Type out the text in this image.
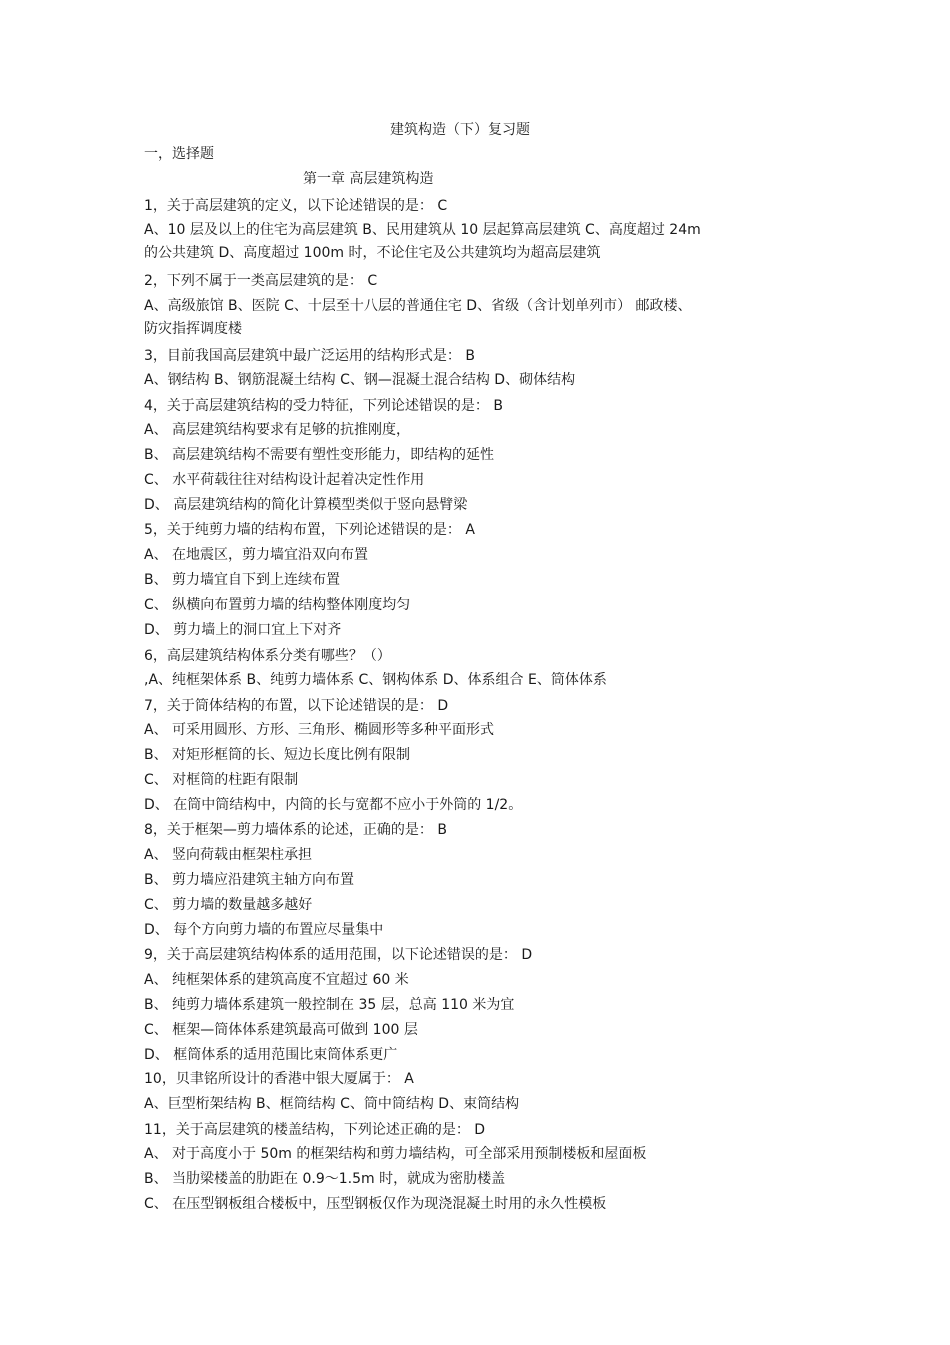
建筑构造（下）复习题
一，选择题
第一章 高层建筑构造
1，关于高层建筑的定义，以下论述错误的是： C
A、10 层及以上的住宅为高层建筑 B、民用建筑从 10 层起算高层建筑 C、高度超过 24m
的公共建筑 D、高度超过 100m 时，不论住宅及公共建筑均为超高层建筑
2，下列不属于一类高层建筑的是： C
A、高级旅馆 B、医院 C、十层至十八层的普通住宅 D、省级（含计划单列市） 邮政楼、
防灾指挥调度楼
3，目前我国高层建筑中最广泛运用的结构形式是： B
A、钢结构 B、钢筋混凝土结构 C、钢—混凝土混合结构 D、砌体结构
4，关于高层建筑结构的受力特征，下列论述错误的是： B
A、 高层建筑结构要求有足够的抗推刚度，
B、 高层建筑结构不需要有塑性变形能力，即结构的延性
C、 水平荷载往往对结构设计起着决定性作用
D、 高层建筑结构的简化计算模型类似于竖向悬臂梁
5，关于纯剪力墙的结构布置，下列论述错误的是： A
A、 在地震区，剪力墙宜沿双向布置
B、 剪力墙宜自下到上连续布置
C、 纵横向布置剪力墙的结构整体刚度均匀
D、 剪力墙上的洞口宜上下对齐
6，高层建筑结构体系分类有哪些？（）
,A、纯框架体系 B、纯剪力墙体系 C、钢构体系 D、体系组合 E、筒体体系
7，关于筒体结构的布置，以下论述错误的是： D
A、 可采用圆形、方形、三角形、椭圆形等多种平面形式
B、 对矩形框筒的长、短边长度比例有限制
C、 对框筒的柱距有限制
D、 在筒中筒结构中，内筒的长与宽都不应小于外筒的 1/2。
8，关于框架—剪力墙体系的论述，正确的是： B
A、 竖向荷载由框架柱承担
B、 剪力墙应沿建筑主轴方向布置
C、 剪力墙的数量越多越好
D、 每个方向剪力墙的布置应尽量集中
9，关于高层建筑结构体系的适用范围，以下论述错误的是： D
A、 纯框架体系的建筑高度不宜超过 60 米
B、 纯剪力墙体系建筑一般控制在 35 层，总高 110 米为宜
C、 框架—筒体体系建筑最高可做到 100 层
D、 框筒体系的适用范围比束筒体系更广
10，贝聿铭所设计的香港中银大厦属于： A
A、巨型桁架结构 B、框筒结构 C、筒中筒结构 D、束筒结构
11，关于高层建筑的楼盖结构，下列论述正确的是： D
A、 对于高度小于 50m 的框架结构和剪力墙结构，可全部采用预制楼板和屋面板
B、 当肋梁楼盖的肋距在 0.9～1.5m 时，就成为密肋楼盖
C、 在压型钢板组合楼板中，压型钢板仅作为现浇混凝土时用的永久性模板
